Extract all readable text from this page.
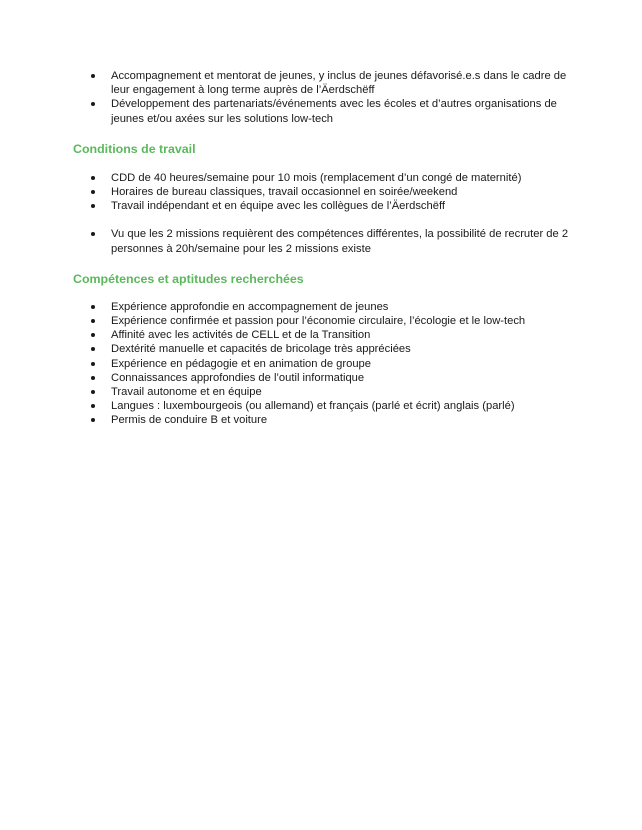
Accompagnement et mentorat de jeunes, y inclus de jeunes défavorisé.e.s dans le cadre de leur engagement à long terme auprès de l’Äerdschëff
Développement des partenariats/événements avec les écoles et d’autres organisations de jeunes et/ou axées sur les solutions low-tech
Conditions de travail
CDD de 40 heures/semaine pour 10 mois (remplacement d’un congé de maternité)
Horaires de bureau classiques, travail occasionnel en soirée/weekend
Travail indépendant et en équipe avec les collègues de l’Äerdschëff
Vu que les 2 missions requièrent des compétences différentes, la possibilité de recruter de 2 personnes à 20h/semaine pour les 2 missions existe
Compétences et aptitudes recherchées
Expérience approfondie en accompagnement de jeunes
Expérience confirmée et passion pour l’économie circulaire, l’écologie et le low-tech
Affinité avec les activités de CELL et de la Transition
Dextérité manuelle et capacités de bricolage très appréciées
Expérience en pédagogie et en animation de groupe
Connaissances approfondies de l’outil informatique
Travail autonome et en équipe
Langues : luxembourgeois (ou allemand) et français (parlé et écrit) anglais (parlé)
Permis de conduire B et voiture
